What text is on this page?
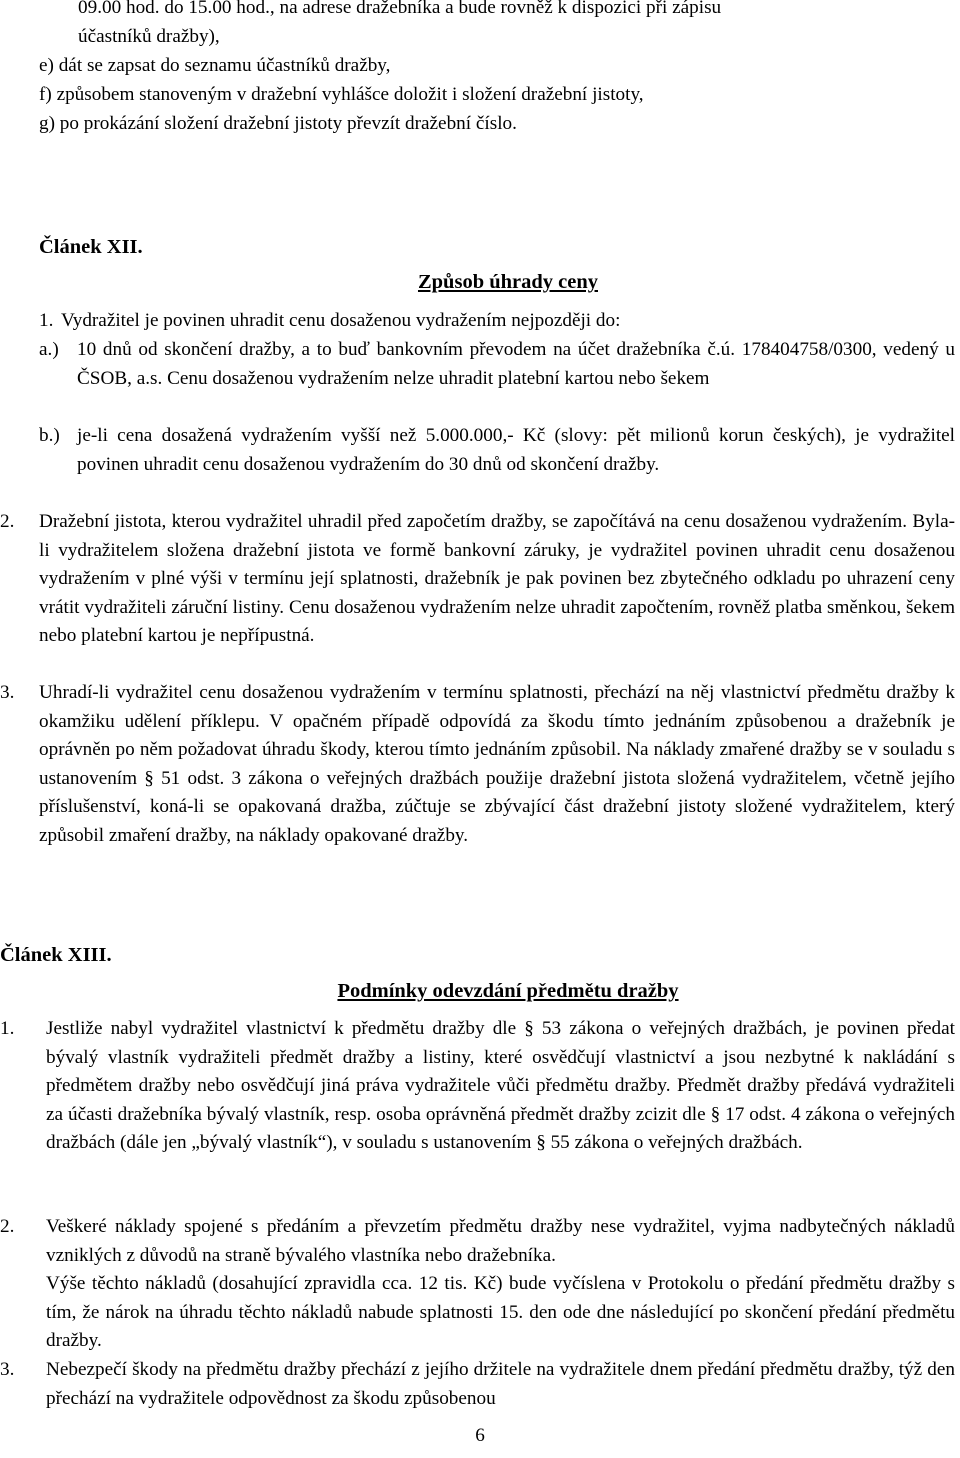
09.00 hod. do 15.00 hod., na adrese dražebníka a bude rovněž k dispozici při zápisu
účastníků dražby),
e) dát se zapsat do seznamu účastníků dražby,
f) způsobem stanoveným v dražební vyhlášce doložit i složení dražební jistoty,
g) po prokázání složení dražební jistoty převzít dražební číslo.
Článek XII.
Způsob úhrady ceny
1. Vydražitel je povinen uhradit cenu dosaženou vydražením nejpozději do:
a.) 10 dnů od skončení dražby, a to buď bankovním převodem na účet dražebníka č.ú. 178404758/0300, vedený u ČSOB, a.s. Cenu dosaženou vydražením nelze uhradit platební kartou nebo šekem
b.) je-li cena dosažená vydražením vyšší než 5.000.000,- Kč (slovy: pět milionů korun českých), je vydražitel povinen uhradit cenu dosaženou vydražením do 30 dnů od skončení dražby.
2. Dražební jistota, kterou vydražitel uhradil před započetím dražby, se započítává na cenu dosaženou vydražením. Byla-li vydražitelem složena dražební jistota ve formě bankovní záruky, je vydražitel povinen uhradit cenu dosaženou vydražením v plné výši v termínu její splatnosti, dražebník je pak povinen bez zbytečného odkladu po uhrazení ceny vrátit vydražiteli záruční listiny. Cenu dosaženou vydražením nelze uhradit započtením, rovněž platba směnkou, šekem nebo platební kartou je nepřípustná.
3. Uhradí-li vydražitel cenu dosaženou vydražením v termínu splatnosti, přechází na něj vlastnictví předmětu dražby k okamžiku udělení příklepu. V opačném případě odpovídá za škodu tímto jednáním způsobenou a dražebník je oprávněn po něm požadovat úhradu škody, kterou tímto jednáním způsobil. Na náklady zmařené dražby se v souladu s ustanovením § 51 odst. 3 zákona o veřejných dražbách použije dražební jistota složená vydražitelem, včetně jejího příslušenství, koná-li se opakovaná dražba, zúčtuje se zbývající část dražební jistoty složené vydražitelem, který způsobil zmaření dražby, na náklady opakované dražby.
Článek XIII.
Podmínky odevzdání předmětu dražby
1. Jestliže nabyl vydražitel vlastnictví k předmětu dražby dle § 53 zákona o veřejných dražbách, je povinen předat bývalý vlastník vydražiteli předmět dražby a listiny, které osvědčují vlastnictví a jsou nezbytné k nakládání s předmětem dražby nebo osvědčují jiná práva vydražitele vůči předmětu dražby. Předmět dražby předává vydražiteli za účasti dražebníka bývalý vlastník, resp. osoba oprávněná předmět dražby zcizit dle § 17 odst. 4 zákona o veřejných dražbách (dále jen „bývalý vlastník“), v souladu s ustanovením § 55 zákona o veřejných dražbách.
2. Veškeré náklady spojené s předáním a převzetím předmětu dražby nese vydražitel, vyjma nadbytečných nákladů vzniklých z důvodů na straně bývalého vlastníka nebo dražebníka.
Výše těchto nákladů (dosahující zpravidla cca. 12 tis. Kč) bude vyčíslena v Protokolu o předání předmětu dražby s tím, že nárok na úhradu těchto nákladů nabude splatnosti 15. den ode dne následující po skončení předání předmětu dražby.
3. Nebezpečí škody na předmětu dražby přechází z jejího držitele na vydražitele dnem předání předmětu dražby, týž den přechází na vydražitele odpovědnost za škodu způsobenou
6
